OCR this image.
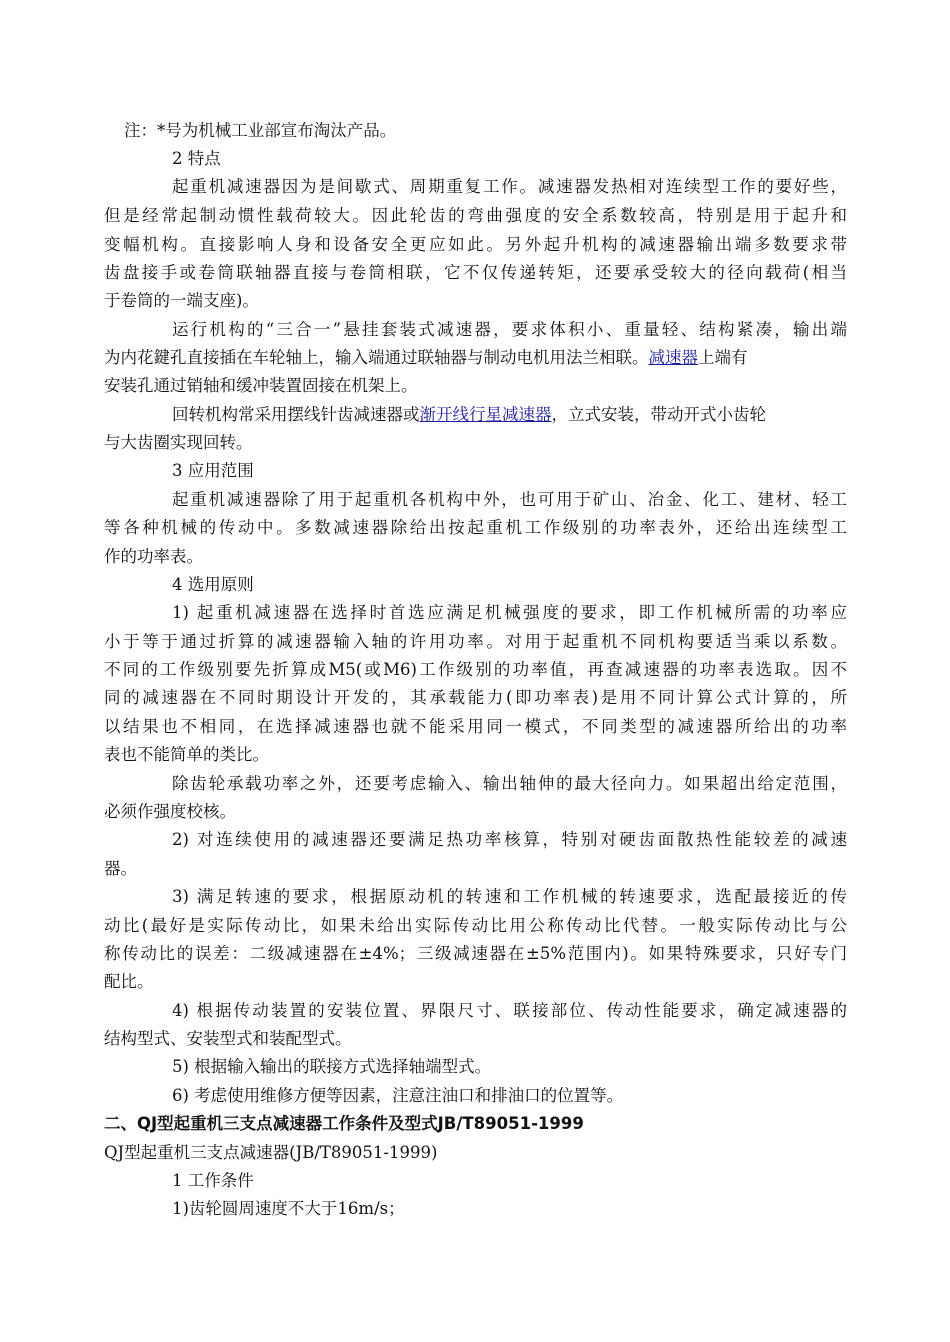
注：*号为机械工业部宣布淘汰产品。
2 特点
起重机减速器因为是间歇式、周期重复工作。减速器发热相对连续型工作的要好些，
但是经常起制动惯性载荷较大。因此轮齿的弯曲强度的安全系数较高，特别是用于起升和
变幅机构。直接影响人身和设备安全更应如此。另外起升机构的减速器输出端多数要求带
齿盘接手或卷筒联轴器直接与卷筒相联，它不仅传递转矩，还要承受较大的径向载荷(相当
于卷筒的一端支座)。
运行机构的“三合一”悬挂套装式减速器，要求体积小、重量轻、结构紧凑，输出端
为内花鍵孔直接插在车轮轴上，输入端通过联轴器与制动电机用法兰相联。减速器上端有
安装孔通过销轴和缓冲装置固接在机架上。
回转机构常采用摆线针齿减速器或渐开线行星减速器，立式安装，带动开式小齿轮
与大齿圈实现回转。
3 应用范围
起重机减速器除了用于起重机各机构中外，也可用于矿山、冶金、化工、建材、轻工
等各种机械的传动中。多数减速器除给出按起重机工作级别的功率表外，还给出连续型工
作的功率表。
4 选用原则
1) 起重机减速器在选择时首选应满足机械强度的要求，即工作机械所需的功率应
小于等于通过折算的减速器输入轴的许用功率。对用于起重机不同机构要适当乘以系数。
不同的工作级别要先折算成M5(或M6)工作级别的功率值，再查减速器的功率表选取。因不
同的减速器在不同时期设计开发的，其承载能力(即功率表)是用不同计算公式计算的，所
以结果也不相同，在选择减速器也就不能采用同一模式，不同类型的减速器所给出的功率
表也不能简单的类比。
除齿轮承载功率之外，还要考虑输入、输出轴伸的最大径向力。如果超出给定范围，
必须作强度校核。
2) 对连续使用的减速器还要满足热功率核算，特别对硬齿面散热性能较差的减速
器。
3) 满足转速的要求，根据原动机的转速和工作机械的转速要求，选配最接近的传
动比(最好是实际传动比，如果未给出实际传动比用公称传动比代替。一般实际传动比与公
称传动比的误差：二级减速器在±4%；三级减速器在±5%范围内)。如果特殊要求，只好专门
配比。
4) 根据传动装置的安装位置、界限尺寸、联接部位、传动性能要求，确定减速器的
结构型式、安装型式和装配型式。
5) 根据输入输出的联接方式选择轴端型式。
6) 考虑使用维修方便等因素，注意注油口和排油口的位置等。
二、QJ型起重机三支点减速器工作条件及型式JB/T89051-1999
QJ型起重机三支点减速器(JB/T89051-1999)
1 工作条件
1)齿轮圆周速度不大于16m/s；
